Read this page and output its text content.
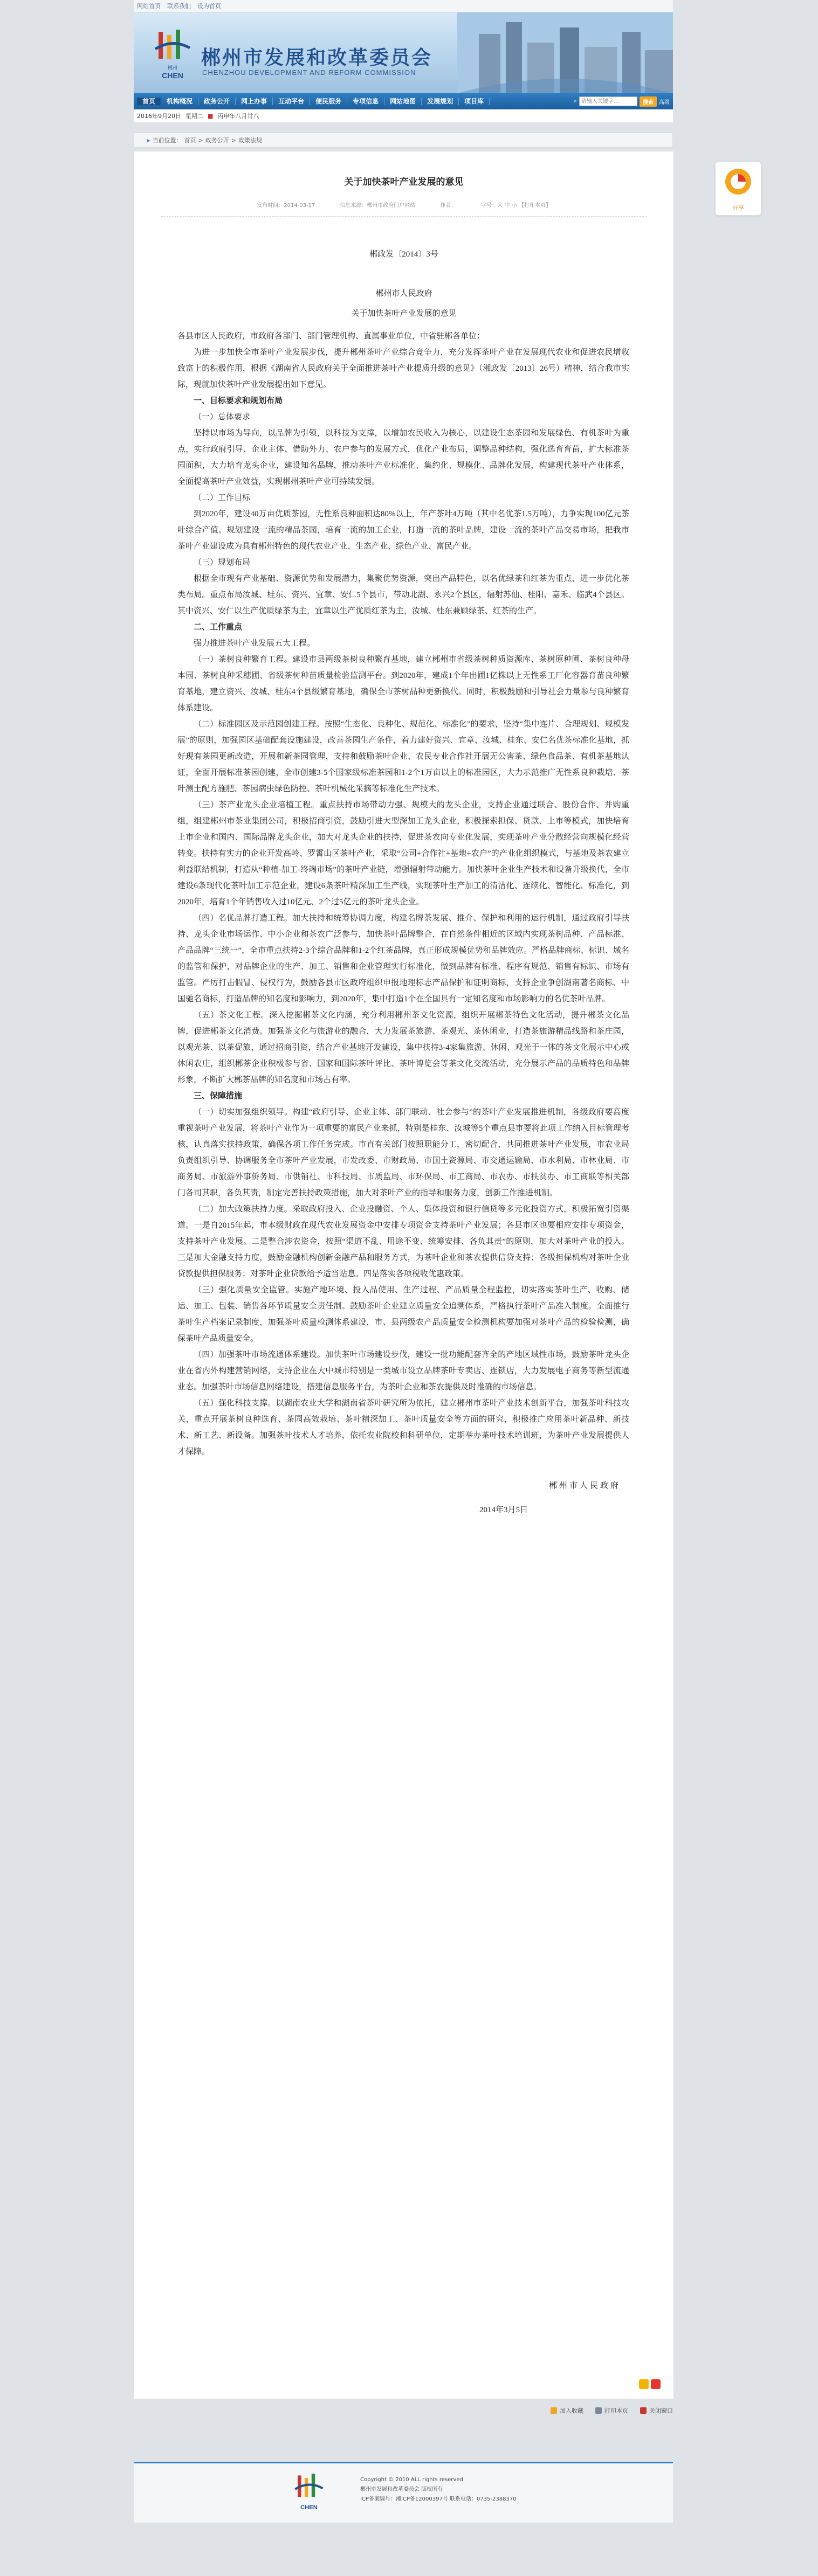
网站首页 联系我们 设为首页
郴州
CHEN
郴州市发展和改革委员会
CHENZHOU DEVELOPMENT AND REFORM COMMISSION
首页	机构概况	政务公开	网上办事	互动平台	便民服务	专项信息	网站地图	发展规划	项目库	⌕
请输入关键字…	搜索	高级
2016年9月20日 星期二 ■ 丙申年八月廿八
▸ 当前位置： 首页 > 政务公开 > 政策法规
关于加快茶叶产业发展的意见
发布时间：2014-03-17	信息来源：郴州市政府门户网站	作者：	字号：大 中 小 【打印本页】
郴政发〔2014〕3号
郴州市人民政府
关于加快茶叶产业发展的意见

各县市区人民政府，市政府各部门、部门管理机构、直属事业单位，中省驻郴各单位：

为进一步加快全市茶叶产业发展步伐，提升郴州茶叶产业综合竞争力，充分发挥茶叶产业在发展现代农业和促进农民增收致富上的积极作用，根据《湖南省人民政府关于全面推进茶叶产业提质升级的意见》（湘政发〔2013〕26号）精神，结合我市实际，现就加快茶叶产业发展提出如下意见。

一、目标要求和规划布局

（一）总体要求

坚持以市场为导向，以品牌为引领，以科技为支撑，以增加农民收入为核心，以建设生态茶园和发展绿色、有机茶叶为重点，实行政府引导、企业主体、借助外力、农户参与的发展方式，优化产业布局，调整品种结构，强化选育育苗，扩大标准茶园面积，大力培育龙头企业，建设知名品牌，推动茶叶产业标准化、集约化、规模化、品牌化发展，构建现代茶叶产业体系，全面提高茶叶产业效益，实现郴州茶叶产业可持续发展。

（二）工作目标

到2020年，建设40万亩优质茶园，无性系良种面积达80%以上，年产茶叶4万吨（其中名优茶1.5万吨），力争实现100亿元茶叶综合产值。规划建设一流的精品茶园，培育一流的加工企业，打造一流的茶叶品牌，建设一流的茶叶产品交易市场，把我市茶叶产业建设成为具有郴州特色的现代农业产业、生态产业、绿色产业、富民产业。

（三）规划布局

根据全市现有产业基础、资源优势和发展潜力，集聚优势资源，突出产品特色，以名优绿茶和红茶为重点，进一步优化茶类布局。重点布局汝城、桂东、资兴、宜章、安仁5个县市，带动北湖、永兴2个县区，辐射苏仙、桂阳、嘉禾、临武4个县区。其中资兴、安仁以生产优质绿茶为主，宜章以生产优质红茶为主，汝城、桂东兼顾绿茶、红茶的生产。

二、工作重点

强力推进茶叶产业发展五大工程。

（一）茶树良种繁育工程。建设市县两级茶树良种繁育基地，建立郴州市省级茶树种质资源库、茶树原种圃、茶树良种母本园、茶树良种采穗圃、省级茶树种苗质量检验监测平台。到2020年，建成1个年出圃1亿株以上无性系工厂化容器育苗良种繁育基地，建立资兴、汝城、桂东4个县级繁育基地，确保全市茶树品种更新换代。同时，积极鼓励和引导社会力量参与良种繁育体系建设。

（二）标准园区及示范园创建工程。按照“生态化、良种化、规范化、标准化”的要求，坚持“集中连片、合理规划、规模发展”的原则，加强园区基础配套设施建设，改善茶园生产条件，着力建好资兴、宜章、汝城、桂东、安仁名优茶标准化基地，抓好现有茶园更新改造，开展和新茶园管理，支持和鼓励茶叶企业、农民专业合作社开展无公害茶、绿色食品茶、有机茶基地认证，全面开展标准茶园创建，全市创建3-5个国家级标准茶园和1-2个1万亩以上的标准园区，大力示范推广无性系良种栽培、茶叶测土配方施肥、茶园病虫绿色防控、茶叶机械化采摘等标准化生产技术。

（三）茶产业龙头企业培植工程。重点扶持市场带动力强、规模大的龙头企业，支持企业通过联合、股份合作、并购重组，组建郴州市茶业集团公司，积极招商引资，鼓励引进大型深加工龙头企业，积极探索担保、贷款、上市等模式，加快培育上市企业和国内、国际品牌龙头企业，加大对龙头企业的扶持，促进茶农向专业化发展，实现茶叶产业分散经营向规模化经营转变。扶持有实力的企业开发高岭、罗霄山区茶叶产业，采取“公司+合作社+基地+农户”的产业化组织模式，与基地及茶农建立利益联结机制，打造从“种植-加工-终端市场”的茶叶产业链，增强辐射带动能力。加快茶叶企业生产技术和设备升级换代，全市建设6条现代化茶叶加工示范企业，建设6条茶叶精深加工生产线，实现茶叶生产加工的清洁化、连续化、智能化、标准化，到2020年，培育1个年销售收入过10亿元、2个过5亿元的茶叶龙头企业。

（四）名优品牌打造工程。加大扶持和统筹协调力度，构建名牌茶发展、推介、保护和利用的运行机制，通过政府引导扶持、龙头企业市场运作、中小企业和茶农广泛参与，加快茶叶品牌整合，在自然条件相近的区域内实现茶树品种、产品标准、产品品牌“三统一”，全市重点扶持2-3个综合品牌和1-2个红茶品牌，真正形成规模优势和品牌效应。严格品牌商标、标识、域名的监管和保护，对品牌企业的生产、加工、销售和企业管理实行标准化，做到品牌有标准、程序有规范、销售有标识、市场有监管。严厉打击假冒、侵权行为，鼓励各县市区政府组织申报地理标志产品保护和证明商标，支持企业争创湖南著名商标、中国驰名商标，打造品牌的知名度和影响力，到2020年，集中打造1个在全国具有一定知名度和市场影响力的名优茶叶品牌。

（五）茶文化工程。深入挖掘郴茶文化内涵，充分利用郴州茶文化资源，组织开展郴茶特色文化活动，提升郴茶文化品牌，促进郴茶文化消费。加强茶文化与旅游业的融合，大力发展茶旅游、茶观光、茶休闲业，打造茶旅游精品线路和茶庄园，以观光茶、以茶促旅，通过招商引资，结合产业基地开发建设，集中扶持3-4家集旅游、休闲、观光于一体的茶文化展示中心或休闲农庄，组织郴茶企业积极参与省、国家和国际茶叶评比、茶叶博览会等茶文化交流活动，充分展示产品的品质特色和品牌形象，不断扩大郴茶品牌的知名度和市场占有率。

三、保障措施

（一）切实加强组织领导。构建“政府引导、企业主体、部门联动、社会参与”的茶叶产业发展推进机制，各级政府要高度重视茶叶产业发展，将茶叶产业作为一项重要的富民产业来抓，特别是桂东、汝城等5个重点县市要将此项工作纳入目标管理考核，认真落实扶持政策，确保各项工作任务完成。市直有关部门按照职能分工，密切配合，共同推进茶叶产业发展，市农业局负责组织引导、协调服务全市茶叶产业发展，市发改委、市财政局、市国土资源局、市交通运输局、市水利局、市林业局、市商务局、市旅游外事侨务局、市供销社、市科技局、市质监局、市环保局、市工商局、市农办、市扶贫办、市工商联等相关部门各司其职，各负其责，制定完善扶持政策措施，加大对茶叶产业的指导和服务力度，创新工作推进机制。

（二）加大政策扶持力度。采取政府投入、企业投融资、个人、集体投资和银行信贷等多元化投资方式，积极拓宽引资渠道。一是自2015年起，市本级财政在现代农业发展资金中安排专项资金支持茶叶产业发展；各县市区也要相应安排专项资金，支持茶叶产业发展。二是整合涉农资金，按照“渠道不乱、用途不变、统筹安排、各负其责”的原则，加大对茶叶产业的投入。三是加大金融支持力度，鼓励金融机构创新金融产品和服务方式，为茶叶企业和茶农提供信贷支持；各级担保机构对茶叶企业贷款提供担保服务；对茶叶企业贷款给予适当贴息。四是落实各项税收优惠政策。

（三）强化质量安全监管。实施产地环境、投入品使用、生产过程、产品质量全程监控，切实落实茶叶生产、收购、储运、加工、包装、销售各环节质量安全责任制。鼓励茶叶企业建立质量安全追溯体系，严格执行茶叶产品准入制度。全面推行茶叶生产档案记录制度，加强茶叶质量检测体系建设，市、县两级农产品质量安全检测机构要加强对茶叶产品的检验检测，确保茶叶产品质量安全。

（四）加强茶叶市场流通体系建设。加快茶叶市场建设步伐，建设一批功能配套齐全的产地区域性市场，鼓励茶叶龙头企业在省内外构建营销网络，支持企业在大中城市特别是一类城市设立品牌茶叶专卖店、连锁店，大力发展电子商务等新型流通业态。加强茶叶市场信息网络建设，搭建信息服务平台，为茶叶企业和茶农提供及时准确的市场信息。

（五）强化科技支撑。以湖南农业大学和湖南省茶叶研究所为依托，建立郴州市茶叶产业技术创新平台，加强茶叶科技攻关，重点开展茶树良种选育、茶园高效栽培、茶叶精深加工、茶叶质量安全等方面的研究，积极推广应用茶叶新品种、新技术、新工艺、新设备。加强茶叶技术人才培养，依托农业院校和科研单位，定期举办茶叶技术培训班，为茶叶产业发展提供人才保障。

郴州市人民政府
2014年3月5日
加入收藏	打印本页	关闭窗口
CHEN
Copyright © 2010 ALL rights reserved
郴州市发展和改革委员会 版权所有
ICP备案编号：湘ICP备12000397号 联系电话：0735-2388370
分享
